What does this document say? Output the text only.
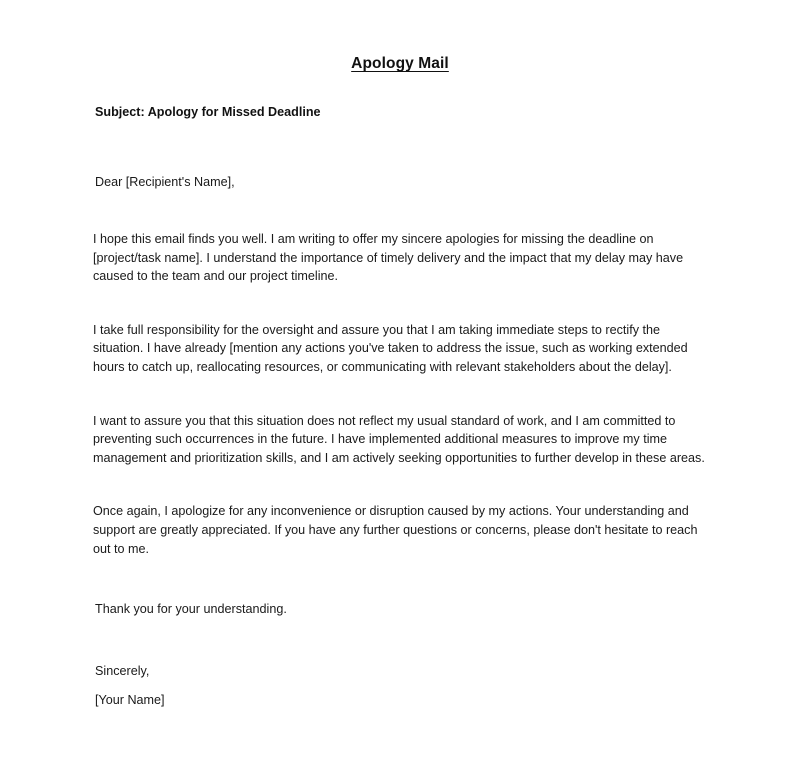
Apology Mail

Subject: Apology for Missed Deadline

Dear [Recipient's Name],

I hope this email finds you well. I am writing to offer my sincere apologies for missing the deadline on [project/task name]. I understand the importance of timely delivery and the impact that my delay may have caused to the team and our project timeline.

I take full responsibility for the oversight and assure you that I am taking immediate steps to rectify the situation. I have already [mention any actions you've taken to address the issue, such as working extended hours to catch up, reallocating resources, or communicating with relevant stakeholders about the delay].

I want to assure you that this situation does not reflect my usual standard of work, and I am committed to preventing such occurrences in the future. I have implemented additional measures to improve my time management and prioritization skills, and I am actively seeking opportunities to further develop in these areas.

Once again, I apologize for any inconvenience or disruption caused by my actions. Your understanding and support are greatly appreciated. If you have any further questions or concerns, please don't hesitate to reach out to me.

Thank you for your understanding.

Sincerely,

[Your Name]
